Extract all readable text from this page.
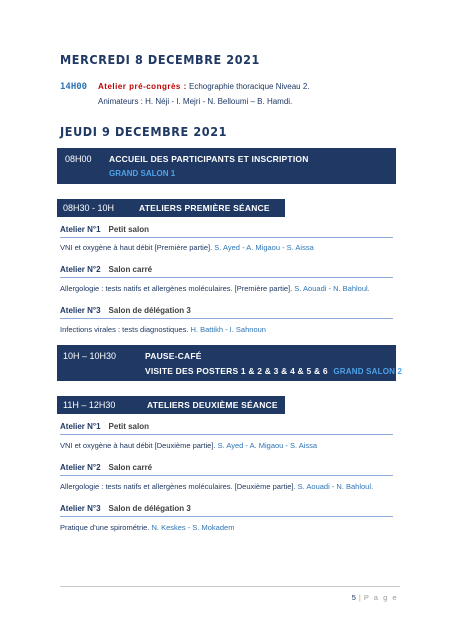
MERCREDI 8 DECEMBRE 2021
14H00 Atelier pré-congrès : Echographie thoracique Niveau 2.
Animateurs : H. Néji - I. Mejri - N. Belloumi – B. Hamdi.
JEUDI 9 DECEMBRE 2021
08H00 ACCUEIL DES PARTICIPANTS ET INSCRIPTION
GRAND SALON 1
08H30 - 10H	ATELIERS PREMIÈRE SÉANCE
Atelier N°1 Petit salon
VNI et oxygène à haut débit [Première partie]. S. Ayed - A. Migaou - S. Aissa
Atelier N°2 Salon carré
Allergologie : tests natifs et allergènes moléculaires. [Première partie]. S. Aouadi - N. Bahloul.
Atelier N°3 Salon de délégation 3
Infections virales : tests diagnostiques. H. Battikh - I. Sahnoun
10H – 10H30	PAUSE-CAFÉ
VISITE DES POSTERS 1 & 2 & 3 & 4 & 5 & 6 GRAND SALON 2
11H – 12H30	ATELIERS DEUXIÈME SÉANCE
Atelier N°1 Petit salon
VNI et oxygène à haut débit [Deuxième partie]. S. Ayed - A. Migaou - S. Aissa
Atelier N°2 Salon carré
Allergologie : tests natifs et allergènes moléculaires. [Deuxième partie]. S. Aouadi - N. Bahloul.
Atelier N°3 Salon de délégation 3
Pratique d'une spirométrie. N. Keskes - S. Mokadem
5 | P a g e
